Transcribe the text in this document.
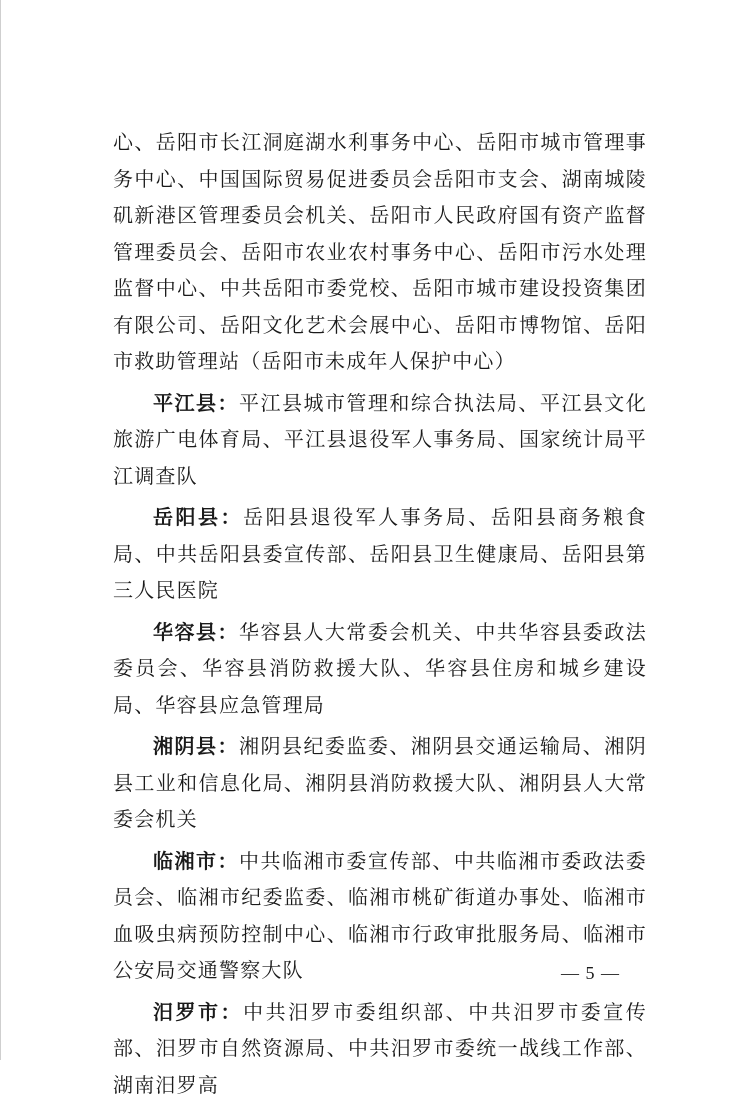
心、岳阳市长江洞庭湖水利事务中心、岳阳市城市管理事务中心、中国国际贸易促进委员会岳阳市支会、湖南城陵矶新港区管理委员会机关、岳阳市人民政府国有资产监督管理委员会、岳阳市农业农村事务中心、岳阳市污水处理监督中心、中共岳阳市委党校、岳阳市城市建设投资集团有限公司、岳阳文化艺术会展中心、岳阳市博物馆、岳阳市救助管理站（岳阳市未成年人保护中心）

平江县：平江县城市管理和综合执法局、平江县文化旅游广电体育局、平江县退役军人事务局、国家统计局平江调查队

岳阳县：岳阳县退役军人事务局、岳阳县商务粮食局、中共岳阳县委宣传部、岳阳县卫生健康局、岳阳县第三人民医院

华容县：华容县人大常委会机关、中共华容县委政法委员会、华容县消防救援大队、华容县住房和城乡建设局、华容县应急管理局

湘阴县：湘阴县纪委监委、湘阴县交通运输局、湘阴县工业和信息化局、湘阴县消防救援大队、湘阴县人大常委会机关

临湘市：中共临湘市委宣传部、中共临湘市委政法委员会、临湘市纪委监委、临湘市桃矿街道办事处、临湘市血吸虫病预防控制中心、临湘市行政审批服务局、临湘市公安局交通警察大队

汨罗市：中共汨罗市委组织部、中共汨罗市委宣传部、汨罗市自然资源局、中共汨罗市委统一战线工作部、湖南汨罗高

— 5 —
